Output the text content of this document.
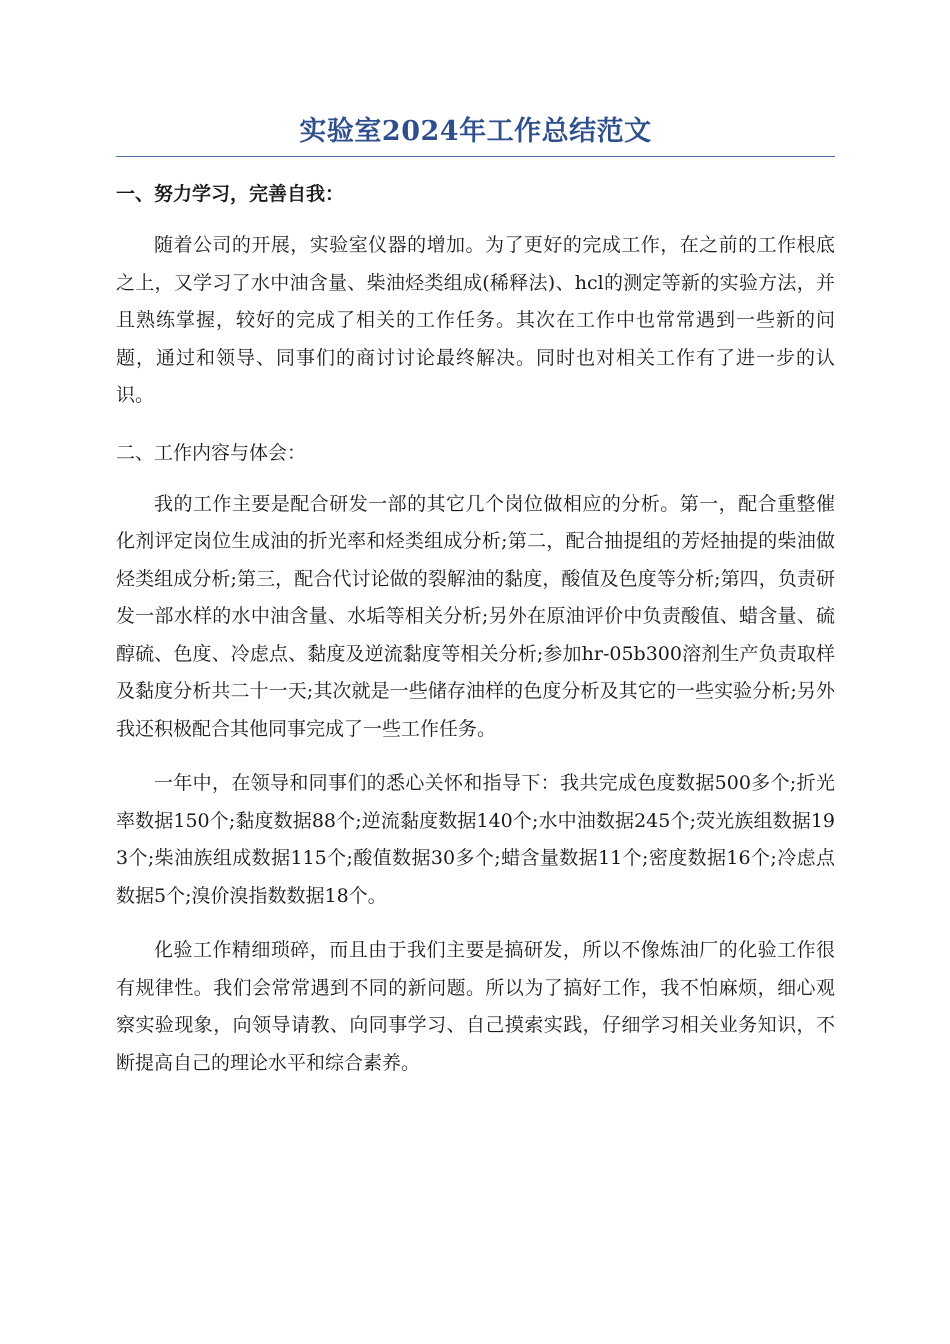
实验室2024年工作总结范文

一、努力学习，完善自我：

随着公司的开展，实验室仪器的增加。为了更好的完成工作，在之前的工作根底之上，又学习了水中油含量、柴油烃类组成(稀释法)、hcl的测定等新的实验方法，并且熟练掌握，较好的完成了相关的工作任务。其次在工作中也常常遇到一些新的问题，通过和领导、同事们的商讨讨论最终解决。同时也对相关工作有了进一步的认识。

二、工作内容与体会：

我的工作主要是配合研发一部的其它几个岗位做相应的分析。第一，配合重整催化剂评定岗位生成油的折光率和烃类组成分析;第二，配合抽提组的芳烃抽提的柴油做烃类组成分析;第三，配合代讨论做的裂解油的黏度，酸值及色度等分析;第四，负责研发一部水样的水中油含量、水垢等相关分析;另外在原油评价中负责酸值、蜡含量、硫醇硫、色度、冷虑点、黏度及逆流黏度等相关分析;参加hr-05b300溶剂生产负责取样及黏度分析共二十一天;其次就是一些储存油样的色度分析及其它的一些实验分析;另外我还积极配合其他同事完成了一些工作任务。

一年中，在领导和同事们的悉心关怀和指导下：我共完成色度数据500多个;折光率数据150个;黏度数据88个;逆流黏度数据140个;水中油数据245个;荧光族组数据193个;柴油族组成数据115个;酸值数据30多个;蜡含量数据11个;密度数据16个;冷虑点数据5个;溴价溴指数数据18个。

化验工作精细琐碎，而且由于我们主要是搞研发，所以不像炼油厂的化验工作很有规律性。我们会常常遇到不同的新问题。所以为了搞好工作，我不怕麻烦，细心观察实验现象，向领导请教、向同事学习、自己摸索实践，仔细学习相关业务知识，不断提高自己的理论水平和综合素养。
